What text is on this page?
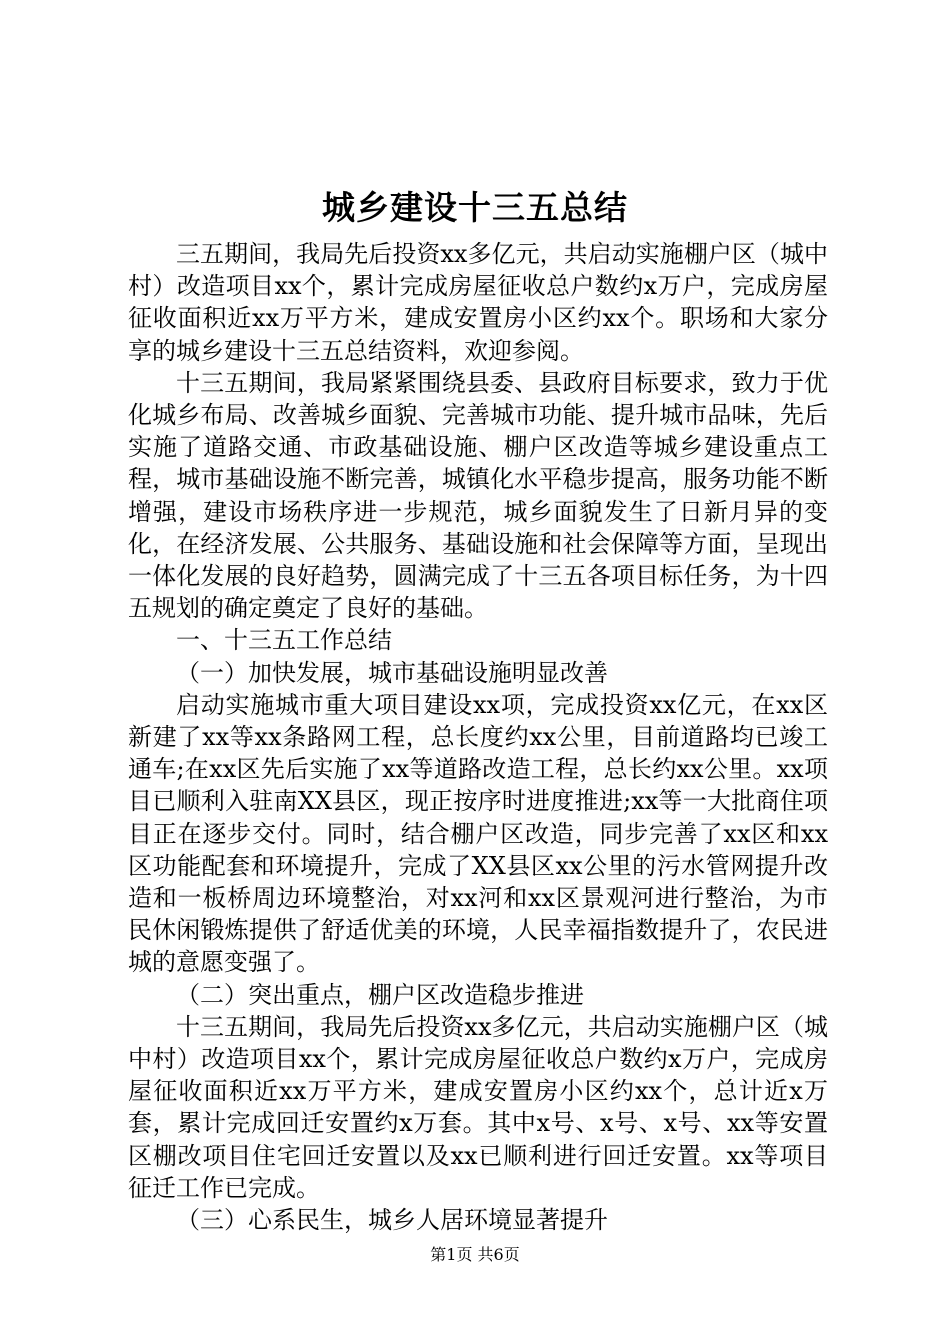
城乡建设十三五总结

三五期间，我局先后投资xx多亿元，共启动实施棚户区（城中村）改造项目xx个，累计完成房屋征收总户数约x万户，完成房屋征收面积近xx万平方米，建成安置房小区约xx个。职场和大家分享的城乡建设十三五总结资料，欢迎参阅。

十三五期间，我局紧紧围绕县委、县政府目标要求，致力于优化城乡布局、改善城乡面貌、完善城市功能、提升城市品味，先后实施了道路交通、市政基础设施、棚户区改造等城乡建设重点工程，城市基础设施不断完善，城镇化水平稳步提高，服务功能不断增强，建设市场秩序进一步规范，城乡面貌发生了日新月异的变化，在经济发展、公共服务、基础设施和社会保障等方面，呈现出一体化发展的良好趋势，圆满完成了十三五各项目标任务，为十四五规划的确定奠定了良好的基础。

一、十三五工作总结

（一）加快发展，城市基础设施明显改善

启动实施城市重大项目建设xx项，完成投资xx亿元，在xx区新建了xx等xx条路网工程，总长度约xx公里，目前道路均已竣工通车;在xx区先后实施了xx等道路改造工程，总长约xx公里。xx项目已顺利入驻南XX县区，现正按序时进度推进;xx等一大批商住项目正在逐步交付。同时，结合棚户区改造，同步完善了xx区和xx区功能配套和环境提升，完成了XX县区xx公里的污水管网提升改造和一板桥周边环境整治，对xx河和xx区景观河进行整治，为市民休闲锻炼提供了舒适优美的环境，人民幸福指数提升了，农民进城的意愿变强了。

（二）突出重点，棚户区改造稳步推进

十三五期间，我局先后投资xx多亿元，共启动实施棚户区（城中村）改造项目xx个，累计完成房屋征收总户数约x万户，完成房屋征收面积近xx万平方米，建成安置房小区约xx个，总计近x万套，累计完成回迁安置约x万套。其中x号、x号、x号、xx等安置区棚改项目住宅回迁安置以及xx已顺利进行回迁安置。xx等项目征迁工作已完成。

（三）心系民生，城乡人居环境显著提升

第1页 共6页
